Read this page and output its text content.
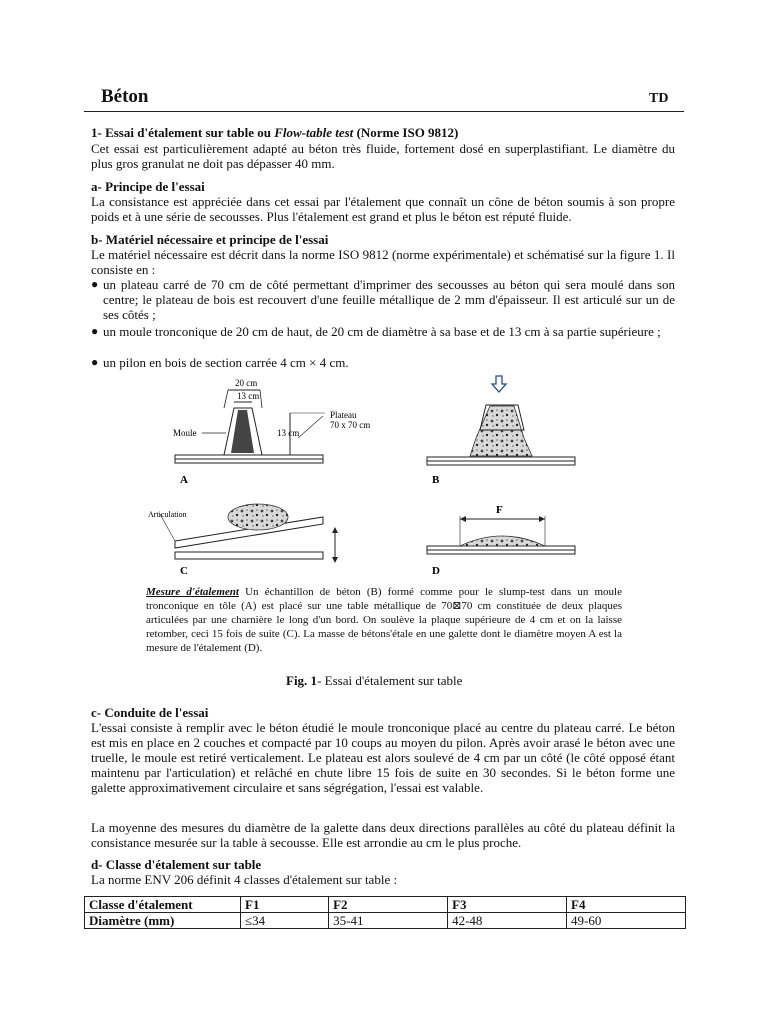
Béton	TD
1- Essai d'étalement sur table ou Flow-table test (Norme ISO 9812)
Cet essai est particulièrement adapté au béton très fluide, fortement dosé en superplastifiant. Le diamètre du plus gros granulat ne doit pas dépasser 40 mm.
a- Principe de l'essai
La consistance est appréciée dans cet essai par l'étalement que connaît un cône de béton soumis à son propre poids et à une série de secousses. Plus l'étalement est grand et plus le béton est réputé fluide.
b- Matériel nécessaire et principe de l'essai
Le matériel nécessaire est décrit dans la norme ISO 9812 (norme expérimentale) et schématisé sur la figure 1. Il consiste en :
● un plateau carré de 70 cm de côté permettant d'imprimer des secousses au béton qui sera moulé dans son centre; le plateau de bois est recouvert d'une feuille métallique de 2 mm d'épaisseur. Il est articulé sur un de ses côtés ;
● un moule tronconique de 20 cm de haut, de 20 cm de diamètre à sa base et de 13 cm à sa partie supérieure ;
● un pilon en bois de section carrée 4 cm × 4 cm.
20 cm
13 cm
13 cm
Moule
Plateau
70 x 70 cm
A	B
Articulation
C
F
D
Mesure d'étalement Un échantillon de béton (B) formé comme pour le slump-test dans un moule tronconique en tôle (A) est placé sur une table métallique de 70⊠70 cm constituée de deux plaques articulées par une charnière le long d'un bord. On soulève la plaque supérieure de 4 cm et on la laisse retomber, ceci 15 fois de suite (C). La masse de bétons'étale en une galette dont le diamètre moyen A est la mesure de l'étalement (D).
Fig. 1- Essai d'étalement sur table
c- Conduite de l'essai
L'essai consiste à remplir avec le béton étudié le moule tronconique placé au centre du plateau carré. Le béton est mis en place en 2 couches et compacté par 10 coups au moyen du pilon. Après avoir arasé le béton avec une truelle, le moule est retiré verticalement. Le plateau est alors soulevé de 4 cm par un côté (le côté opposé étant maintenu par l'articulation) et relâché en chute libre 15 fois de suite en 30 secondes. Si le béton forme une galette approximativement circulaire et sans ségrégation, l'essai est valable.
La moyenne des mesures du diamètre de la galette dans deux directions parallèles au côté du plateau définit la consistance mesurée sur la table à secousse. Elle est arrondie au cm le plus proche.
d- Classe d'étalement sur table
La norme ENV 206 définit 4 classes d'étalement sur table :
Classe d'étalement	F1	F2	F3	F4
Diamètre (mm)	≤34	35-41	42-48	49-60
